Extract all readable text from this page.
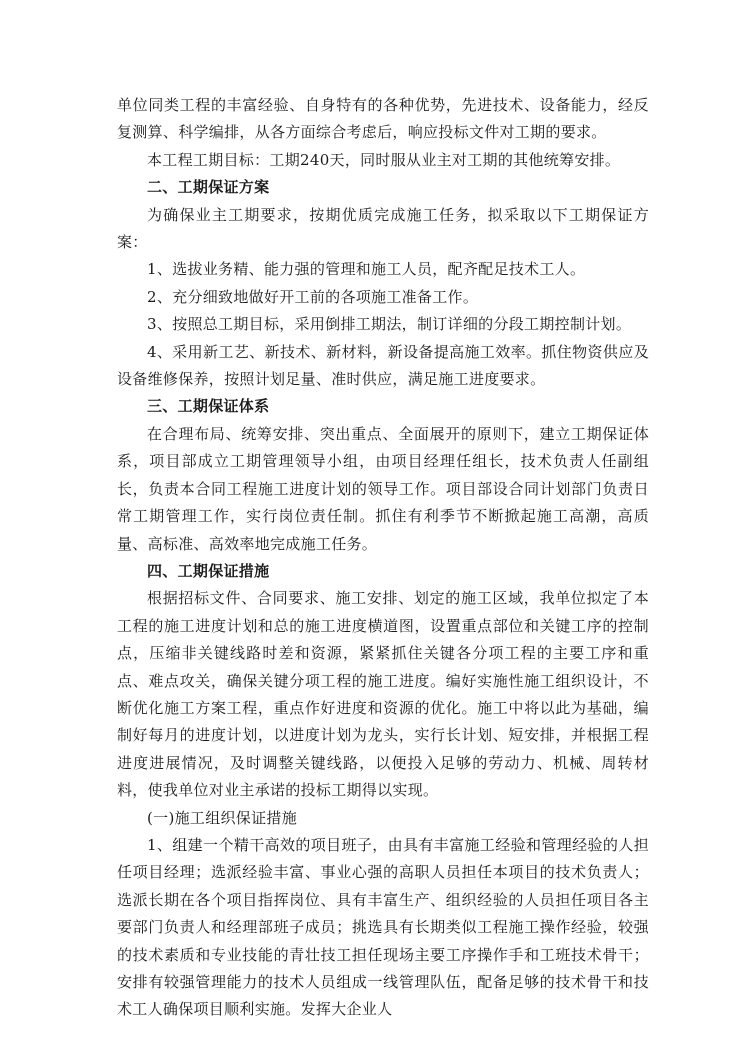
单位同类工程的丰富经验、自身特有的各种优势，先进技术、设备能力，经反复测算、科学编排，从各方面综合考虑后，响应投标文件对工期的要求。

本工程工期目标：工期240天，同时服从业主对工期的其他统筹安排。

二、工期保证方案

为确保业主工期要求，按期优质完成施工任务，拟采取以下工期保证方案：

1、选拔业务精、能力强的管理和施工人员，配齐配足技术工人。

2、充分细致地做好开工前的各项施工准备工作。

3、按照总工期目标，采用倒排工期法，制订详细的分段工期控制计划。

4、采用新工艺、新技术、新材料，新设备提高施工效率。抓住物资供应及设备维修保养，按照计划足量、准时供应，满足施工进度要求。

三、工期保证体系

在合理布局、统筹安排、突出重点、全面展开的原则下，建立工期保证体系，项目部成立工期管理领导小组，由项目经理任组长，技术负责人任副组长，负责本合同工程施工进度计划的领导工作。项目部设合同计划部门负责日常工期管理工作，实行岗位责任制。抓住有利季节不断掀起施工高潮，高质量、高标准、高效率地完成施工任务。

四、工期保证措施

根据招标文件、合同要求、施工安排、划定的施工区域，我单位拟定了本工程的施工进度计划和总的施工进度横道图，设置重点部位和关键工序的控制点，压缩非关键线路时差和资源，紧紧抓住关键各分项工程的主要工序和重点、难点攻关，确保关键分项工程的施工进度。编好实施性施工组织设计，不断优化施工方案工程，重点作好进度和资源的优化。施工中将以此为基础，编制好每月的进度计划，以进度计划为龙头，实行长计划、短安排，并根据工程进度进展情况，及时调整关键线路，以便投入足够的劳动力、机械、周转材料，使我单位对业主承诺的投标工期得以实现。

(一)施工组织保证措施

1、组建一个精干高效的项目班子，由具有丰富施工经验和管理经验的人担任项目经理；选派经验丰富、事业心强的高职人员担任本项目的技术负责人；选派长期在各个项目指挥岗位、具有丰富生产、组织经验的人员担任项目各主要部门负责人和经理部班子成员；挑选具有长期类似工程施工操作经验，较强的技术素质和专业技能的青壮技工担任现场主要工序操作手和工班技术骨干；安排有较强管理能力的技术人员组成一线管理队伍，配备足够的技术骨干和技术工人确保项目顺利实施。发挥大企业人
